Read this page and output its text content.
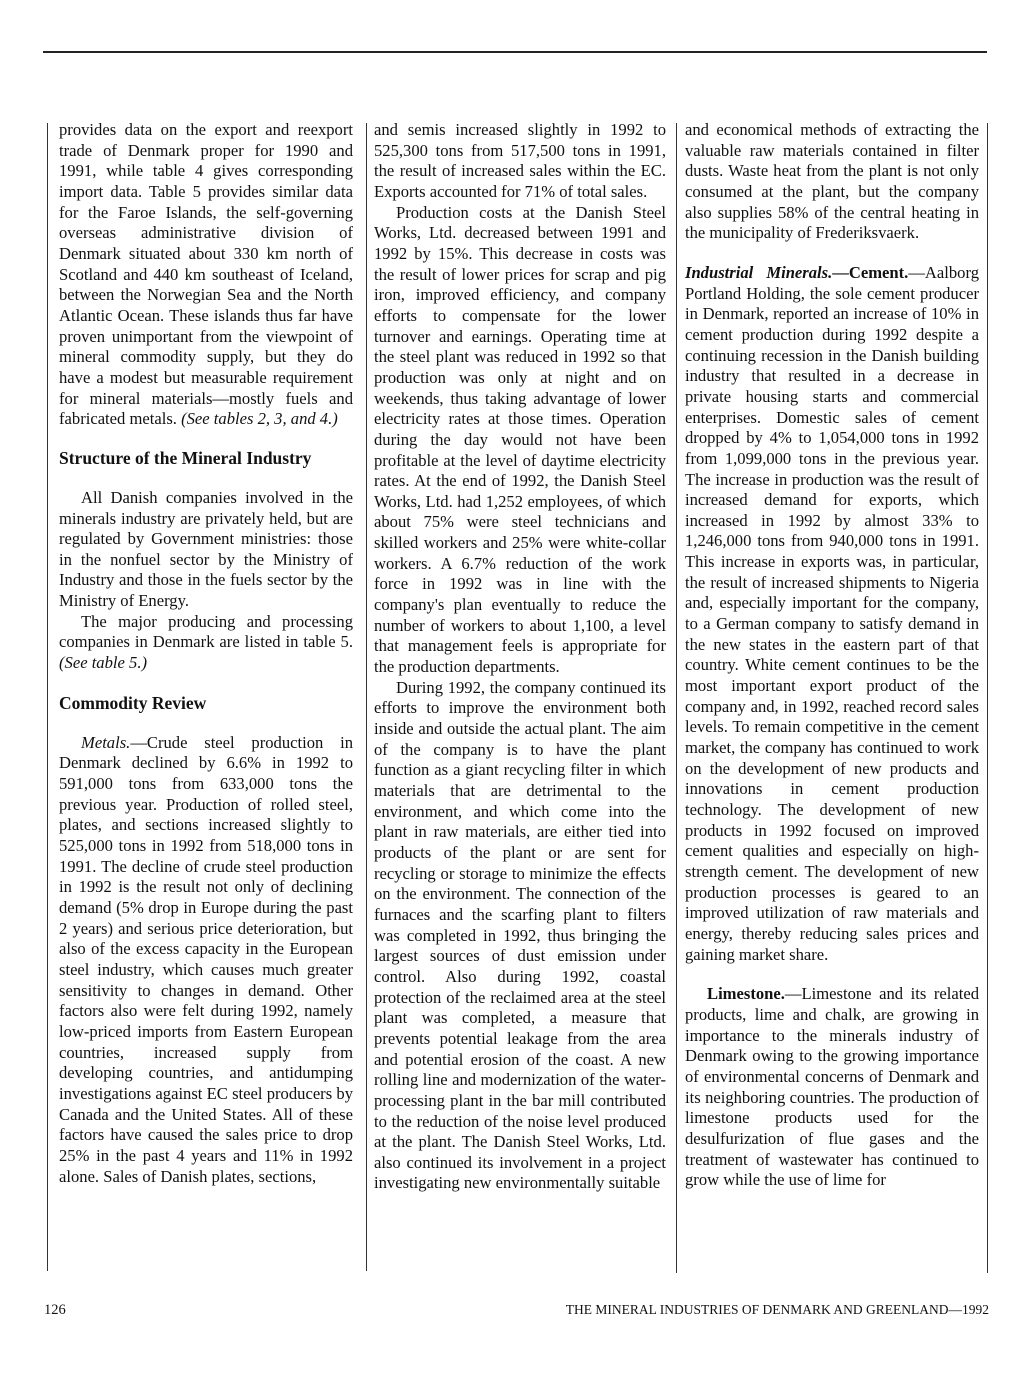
provides data on the export and reexport trade of Denmark proper for 1990 and 1991, while table 4 gives corresponding import data. Table 5 provides similar data for the Faroe Islands, the self-governing overseas administrative division of Denmark situated about 330 km north of Scotland and 440 km southeast of Iceland, between the Norwegian Sea and the North Atlantic Ocean. These islands thus far have proven unimportant from the viewpoint of mineral commodity supply, but they do have a modest but measurable requirement for mineral materials—mostly fuels and fabricated metals. (See tables 2, 3, and 4.)

Structure of the Mineral Industry

All Danish companies involved in the minerals industry are privately held, but are regulated by Government ministries: those in the nonfuel sector by the Ministry of Industry and those in the fuels sector by the Ministry of Energy.

The major producing and processing companies in Denmark are listed in table 5. (See table 5.)

Commodity Review

Metals.—Crude steel production in Denmark declined by 6.6% in 1992 to 591,000 tons from 633,000 tons the previous year. Production of rolled steel, plates, and sections increased slightly to 525,000 tons in 1992 from 518,000 tons in 1991. The decline of crude steel production in 1992 is the result not only of declining demand (5% drop in Europe during the past 2 years) and serious price deterioration, but also of the excess capacity in the European steel industry, which causes much greater sensitivity to changes in demand. Other factors also were felt during 1992, namely low-priced imports from Eastern European countries, increased supply from developing countries, and antidumping investigations against EC steel producers by Canada and the United States. All of these factors have caused the sales price to drop 25% in the past 4 years and 11% in 1992 alone. Sales of Danish plates, sections,

and semis increased slightly in 1992 to 525,300 tons from 517,500 tons in 1991, the result of increased sales within the EC. Exports accounted for 71% of total sales.

Production costs at the Danish Steel Works, Ltd. decreased between 1991 and 1992 by 15%. This decrease in costs was the result of lower prices for scrap and pig iron, improved efficiency, and company efforts to compensate for the lower turnover and earnings. Operating time at the steel plant was reduced in 1992 so that production was only at night and on weekends, thus taking advantage of lower electricity rates at those times. Operation during the day would not have been profitable at the level of daytime electricity rates. At the end of 1992, the Danish Steel Works, Ltd. had 1,252 employees, of which about 75% were steel technicians and skilled workers and 25% were white-collar workers. A 6.7% reduction of the work force in 1992 was in line with the company's plan eventually to reduce the number of workers to about 1,100, a level that management feels is appropriate for the production departments.

During 1992, the company continued its efforts to improve the environment both inside and outside the actual plant. The aim of the company is to have the plant function as a giant recycling filter in which materials that are detrimental to the environment, and which come into the plant in raw materials, are either tied into products of the plant or are sent for recycling or storage to minimize the effects on the environment. The connection of the furnaces and the scarfing plant to filters was completed in 1992, thus bringing the largest sources of dust emission under control. Also during 1992, coastal protection of the reclaimed area at the steel plant was completed, a measure that prevents potential leakage from the area and potential erosion of the coast. A new rolling line and modernization of the water-processing plant in the bar mill contributed to the reduction of the noise level produced at the plant. The Danish Steel Works, Ltd. also continued its involvement in a project investigating new environmentally suitable

and economical methods of extracting the valuable raw materials contained in filter dusts. Waste heat from the plant is not only consumed at the plant, but the company also supplies 58% of the central heating in the municipality of Frederiksvaerk.

Industrial Minerals.—Cement.—Aalborg Portland Holding, the sole cement producer in Denmark, reported an increase of 10% in cement production during 1992 despite a continuing recession in the Danish building industry that resulted in a decrease in private housing starts and commercial enterprises. Domestic sales of cement dropped by 4% to 1,054,000 tons in 1992 from 1,099,000 tons in the previous year. The increase in production was the result of increased demand for exports, which increased in 1992 by almost 33% to 1,246,000 tons from 940,000 tons in 1991. This increase in exports was, in particular, the result of increased shipments to Nigeria and, especially important for the company, to a German company to satisfy demand in the new states in the eastern part of that country. White cement continues to be the most important export product of the company and, in 1992, reached record sales levels. To remain competitive in the cement market, the company has continued to work on the development of new products and innovations in cement production technology. The development of new products in 1992 focused on improved cement qualities and especially on high-strength cement. The development of new production processes is geared to an improved utilization of raw materials and energy, thereby reducing sales prices and gaining market share.

Limestone.—Limestone and its related products, lime and chalk, are growing in importance to the minerals industry of Denmark owing to the growing importance of environmental concerns of Denmark and its neighboring countries. The production of limestone products used for the desulfurization of flue gases and the treatment of wastewater has continued to grow while the use of lime for

126	THE MINERAL INDUSTRIES OF DENMARK AND GREENLAND—1992
